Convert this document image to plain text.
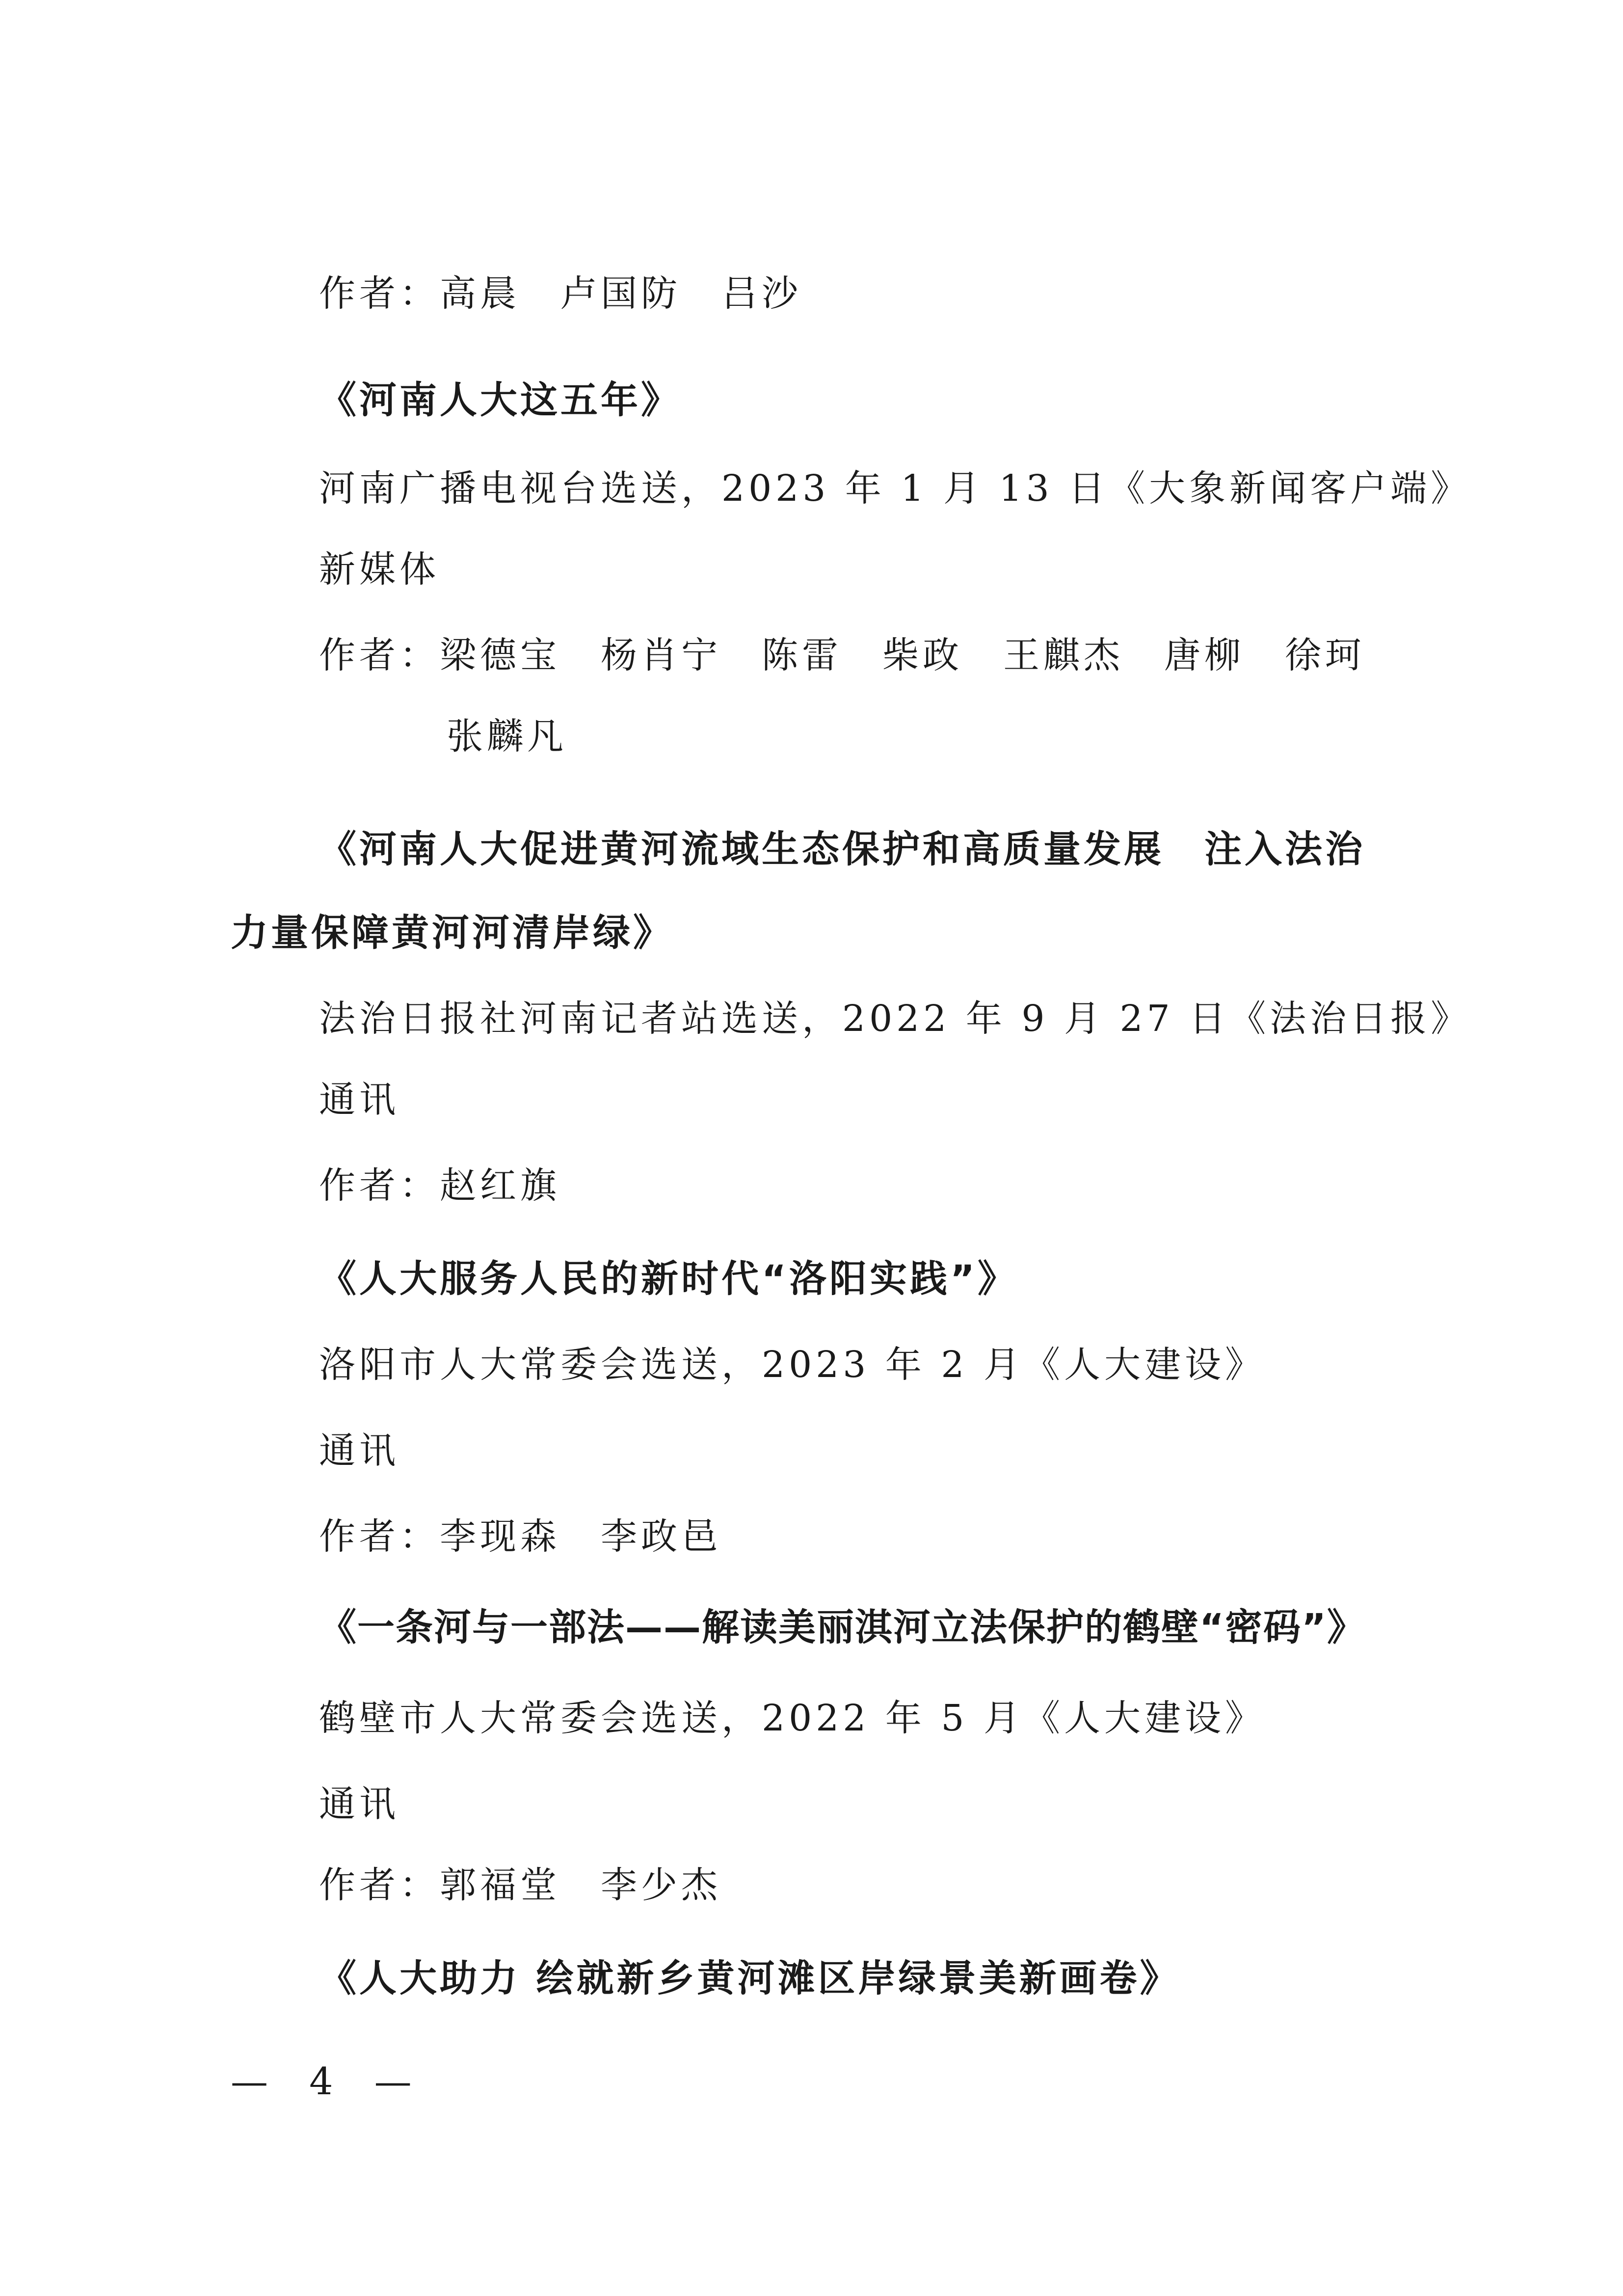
作者：高晨　卢国防　吕沙
《河南人大这五年》
河南广播电视台选送，2023 年 1 月 13 日《大象新闻客户端》
新媒体
作者：梁德宝　杨肖宁　陈雷　柴政　王麒杰　唐柳　徐珂
张麟凡
《河南人大促进黄河流域生态保护和高质量发展　注入法治
力量保障黄河河清岸绿》
法治日报社河南记者站选送，2022 年 9 月 27 日《法治日报》
通讯
作者：赵红旗
《人大服务人民的新时代“洛阳实践”》
洛阳市人大常委会选送，2023 年 2 月《人大建设》
通讯
作者：李现森　李政邑
《一条河与一部法——解读美丽淇河立法保护的鹤壁“密码”》
鹤壁市人大常委会选送，2022 年 5 月《人大建设》
通讯
作者：郭福堂　李少杰
《人大助力 绘就新乡黄河滩区岸绿景美新画卷》
— 4 —
